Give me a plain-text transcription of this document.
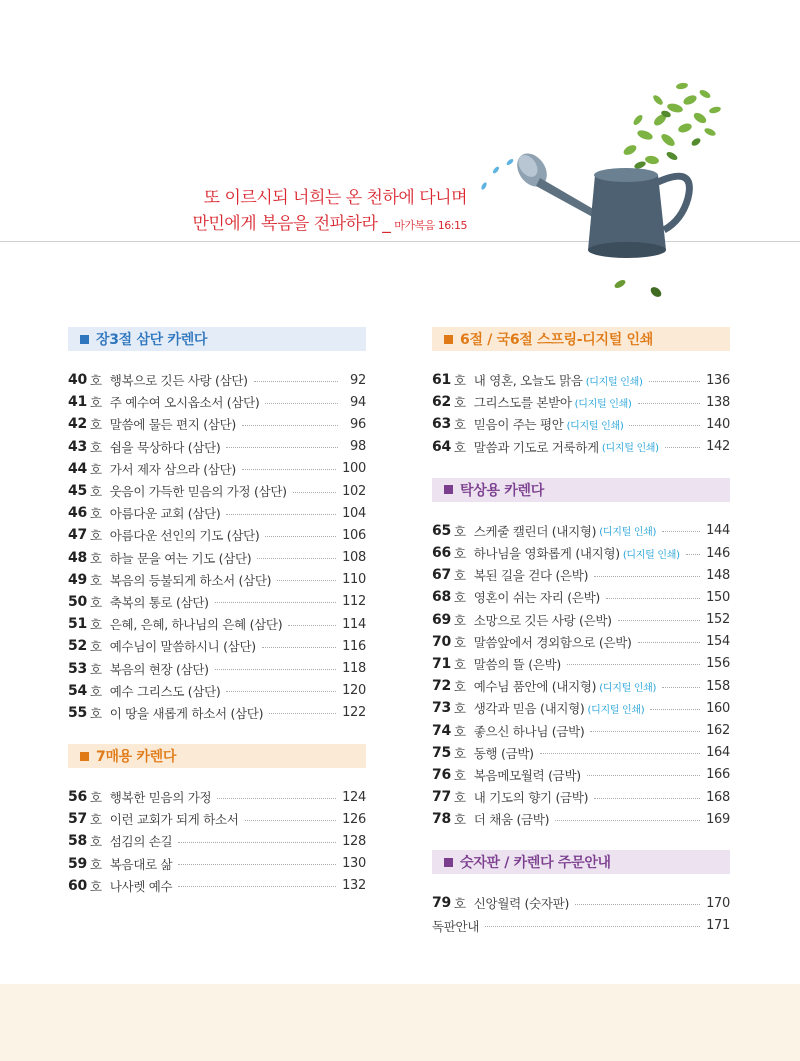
또 이르시되 너희는 온 천하에 다니며
만민에게 복음을 전파하라 _ 마가복음 16:15
장3절 삼단 카렌다
40 호 행복으로 깃든 사랑 (삼단)	92
41 호 주 예수여 오시옵소서 (삼단)	94
42 호 말씀에 물든 편지 (삼단)	96
43 호 쉼을 묵상하다 (삼단)	98
44 호 가서 제자 삼으라 (삼단)	100
45 호 웃음이 가득한 믿음의 가정 (삼단)	102
46 호 아름다운 교회 (삼단)	104
47 호 아름다운 선인의 기도 (삼단)	106
48 호 하늘 문을 여는 기도 (삼단)	108
49 호 복음의 등불되게 하소서 (삼단)	110
50 호 축복의 통로 (삼단)	112
51 호 은혜, 은혜, 하나님의 은혜 (삼단)	114
52 호 예수님이 말씀하시니 (삼단)	116
53 호 복음의 현장 (삼단)	118
54 호 예수 그리스도 (삼단)	120
55 호 이 땅을 새롭게 하소서 (삼단)	122
7매용 카렌다
56 호 행복한 믿음의 가정	124
57 호 이런 교회가 되게 하소서	126
58 호 섬김의 손길	128
59 호 복음대로 삶	130
60 호 나사렛 예수	132
6절 / 국6절 스프링-디지털 인쇄
61 호 내 영혼, 오늘도 맑음 (디지털 인쇄)	136
62 호 그리스도를 본받아 (디지털 인쇄)	138
63 호 믿음이 주는 평안 (디지털 인쇄)	140
64 호 말씀과 기도로 거룩하게 (디지털 인쇄)	142
탁상용 카렌다
65 호 스케줄 캘린더 (내지형) (디지털 인쇄)	144
66 호 하나님을 영화롭게 (내지형) (디지털 인쇄) 146
67 호 복된 길을 걷다 (은박)	148
68 호 영혼이 쉬는 자리 (은박)	150
69 호 소망으로 깃든 사랑 (은박)	152
70 호 말씀앞에서 경외함으로 (은박)	154
71 호 말씀의 뜰 (은박)	156
72 호 예수님 품안에 (내지형) (디지털 인쇄)	158
73 호 생각과 믿음 (내지형) (디지털 인쇄)	160
74 호 좋으신 하나님 (금박)	162
75 호 동행 (금박)	164
76 호 복음메모월력 (금박)	166
77 호 내 기도의 향기 (금박)	168
78 호 더 채움 (금박)	169
숫자판 / 카렌다 주문안내
79 호 신앙월력 (숫자판)	170
독판안내	171
